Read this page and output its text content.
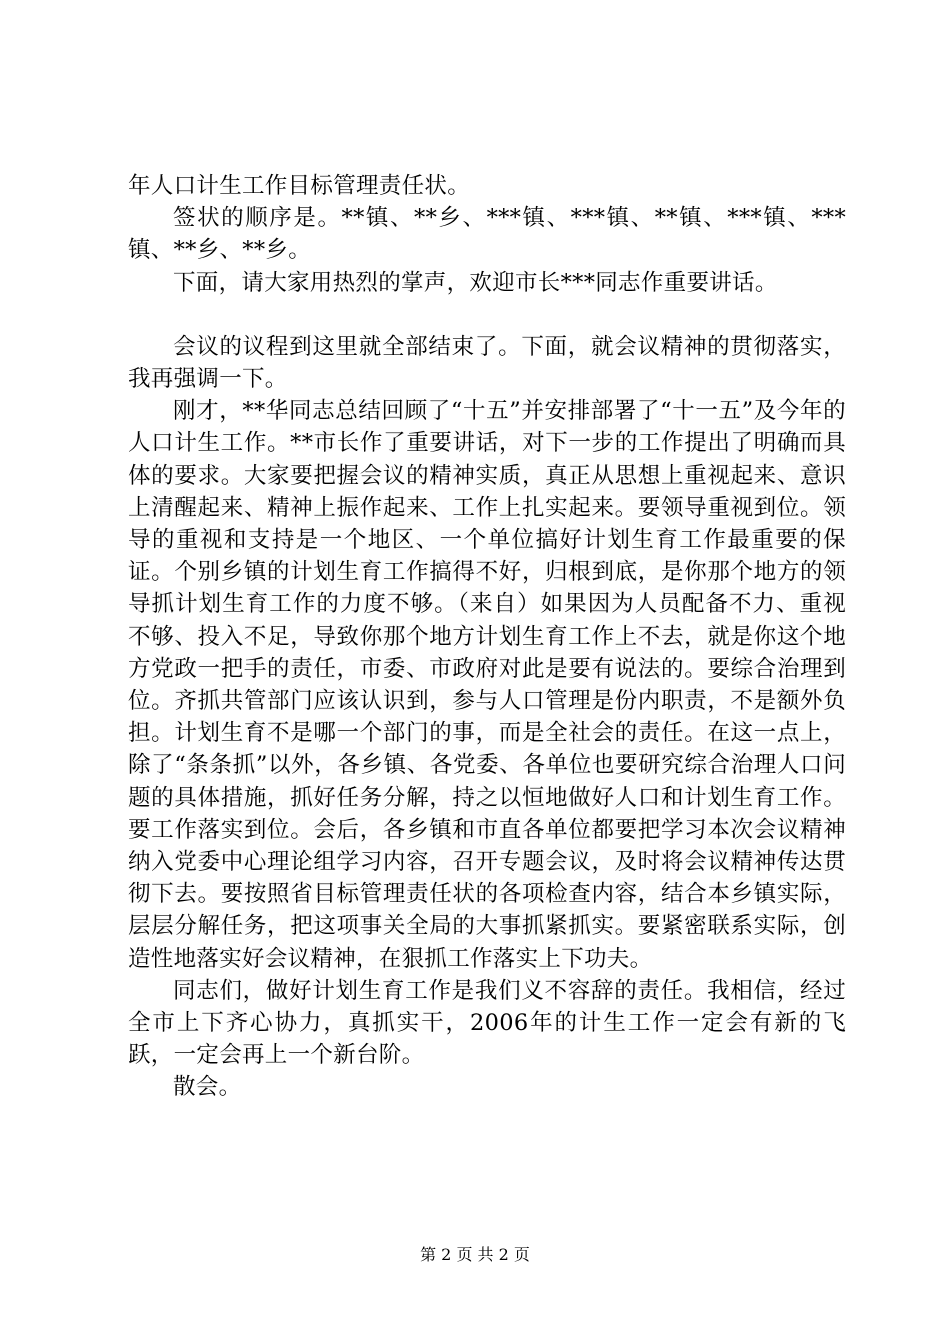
年人口计生工作目标管理责任状。

签状的顺序是。**镇、**乡、***镇、***镇、**镇、***镇、***镇、**乡、**乡。

下面，请大家用热烈的掌声，欢迎市长***同志作重要讲话。

会议的议程到这里就全部结束了。下面，就会议精神的贯彻落实，我再强调一下。

刚才，**华同志总结回顾了“十五”并安排部署了“十一五”及今年的人口计生工作。**市长作了重要讲话，对下一步的工作提出了明确而具体的要求。大家要把握会议的精神实质，真正从思想上重视起来、意识上清醒起来、精神上振作起来、工作上扎实起来。要领导重视到位。领导的重视和支持是一个地区、一个单位搞好计划生育工作最重要的保证。个别乡镇的计划生育工作搞得不好，归根到底，是你那个地方的领导抓计划生育工作的力度不够。（来自）如果因为人员配备不力、重视不够、投入不足，导致你那个地方计划生育工作上不去，就是你这个地方党政一把手的责任，市委、市政府对此是要有说法的。要综合治理到位。齐抓共管部门应该认识到，参与人口管理是份内职责，不是额外负担。计划生育不是哪一个部门的事，而是全社会的责任。在这一点上，除了“条条抓”以外，各乡镇、各党委、各单位也要研究综合治理人口问题的具体措施，抓好任务分解，持之以恒地做好人口和计划生育工作。要工作落实到位。会后，各乡镇和市直各单位都要把学习本次会议精神纳入党委中心理论组学习内容，召开专题会议，及时将会议精神传达贯彻下去。要按照省目标管理责任状的各项检查内容，结合本乡镇实际，层层分解任务，把这项事关全局的大事抓紧抓实。要紧密联系实际，创造性地落实好会议精神，在狠抓工作落实上下功夫。

同志们，做好计划生育工作是我们义不容辞的责任。我相信，经过全市上下齐心协力，真抓实干，2006年的计生工作一定会有新的飞跃，一定会再上一个新台阶。

散会。

第 2 页 共 2 页
